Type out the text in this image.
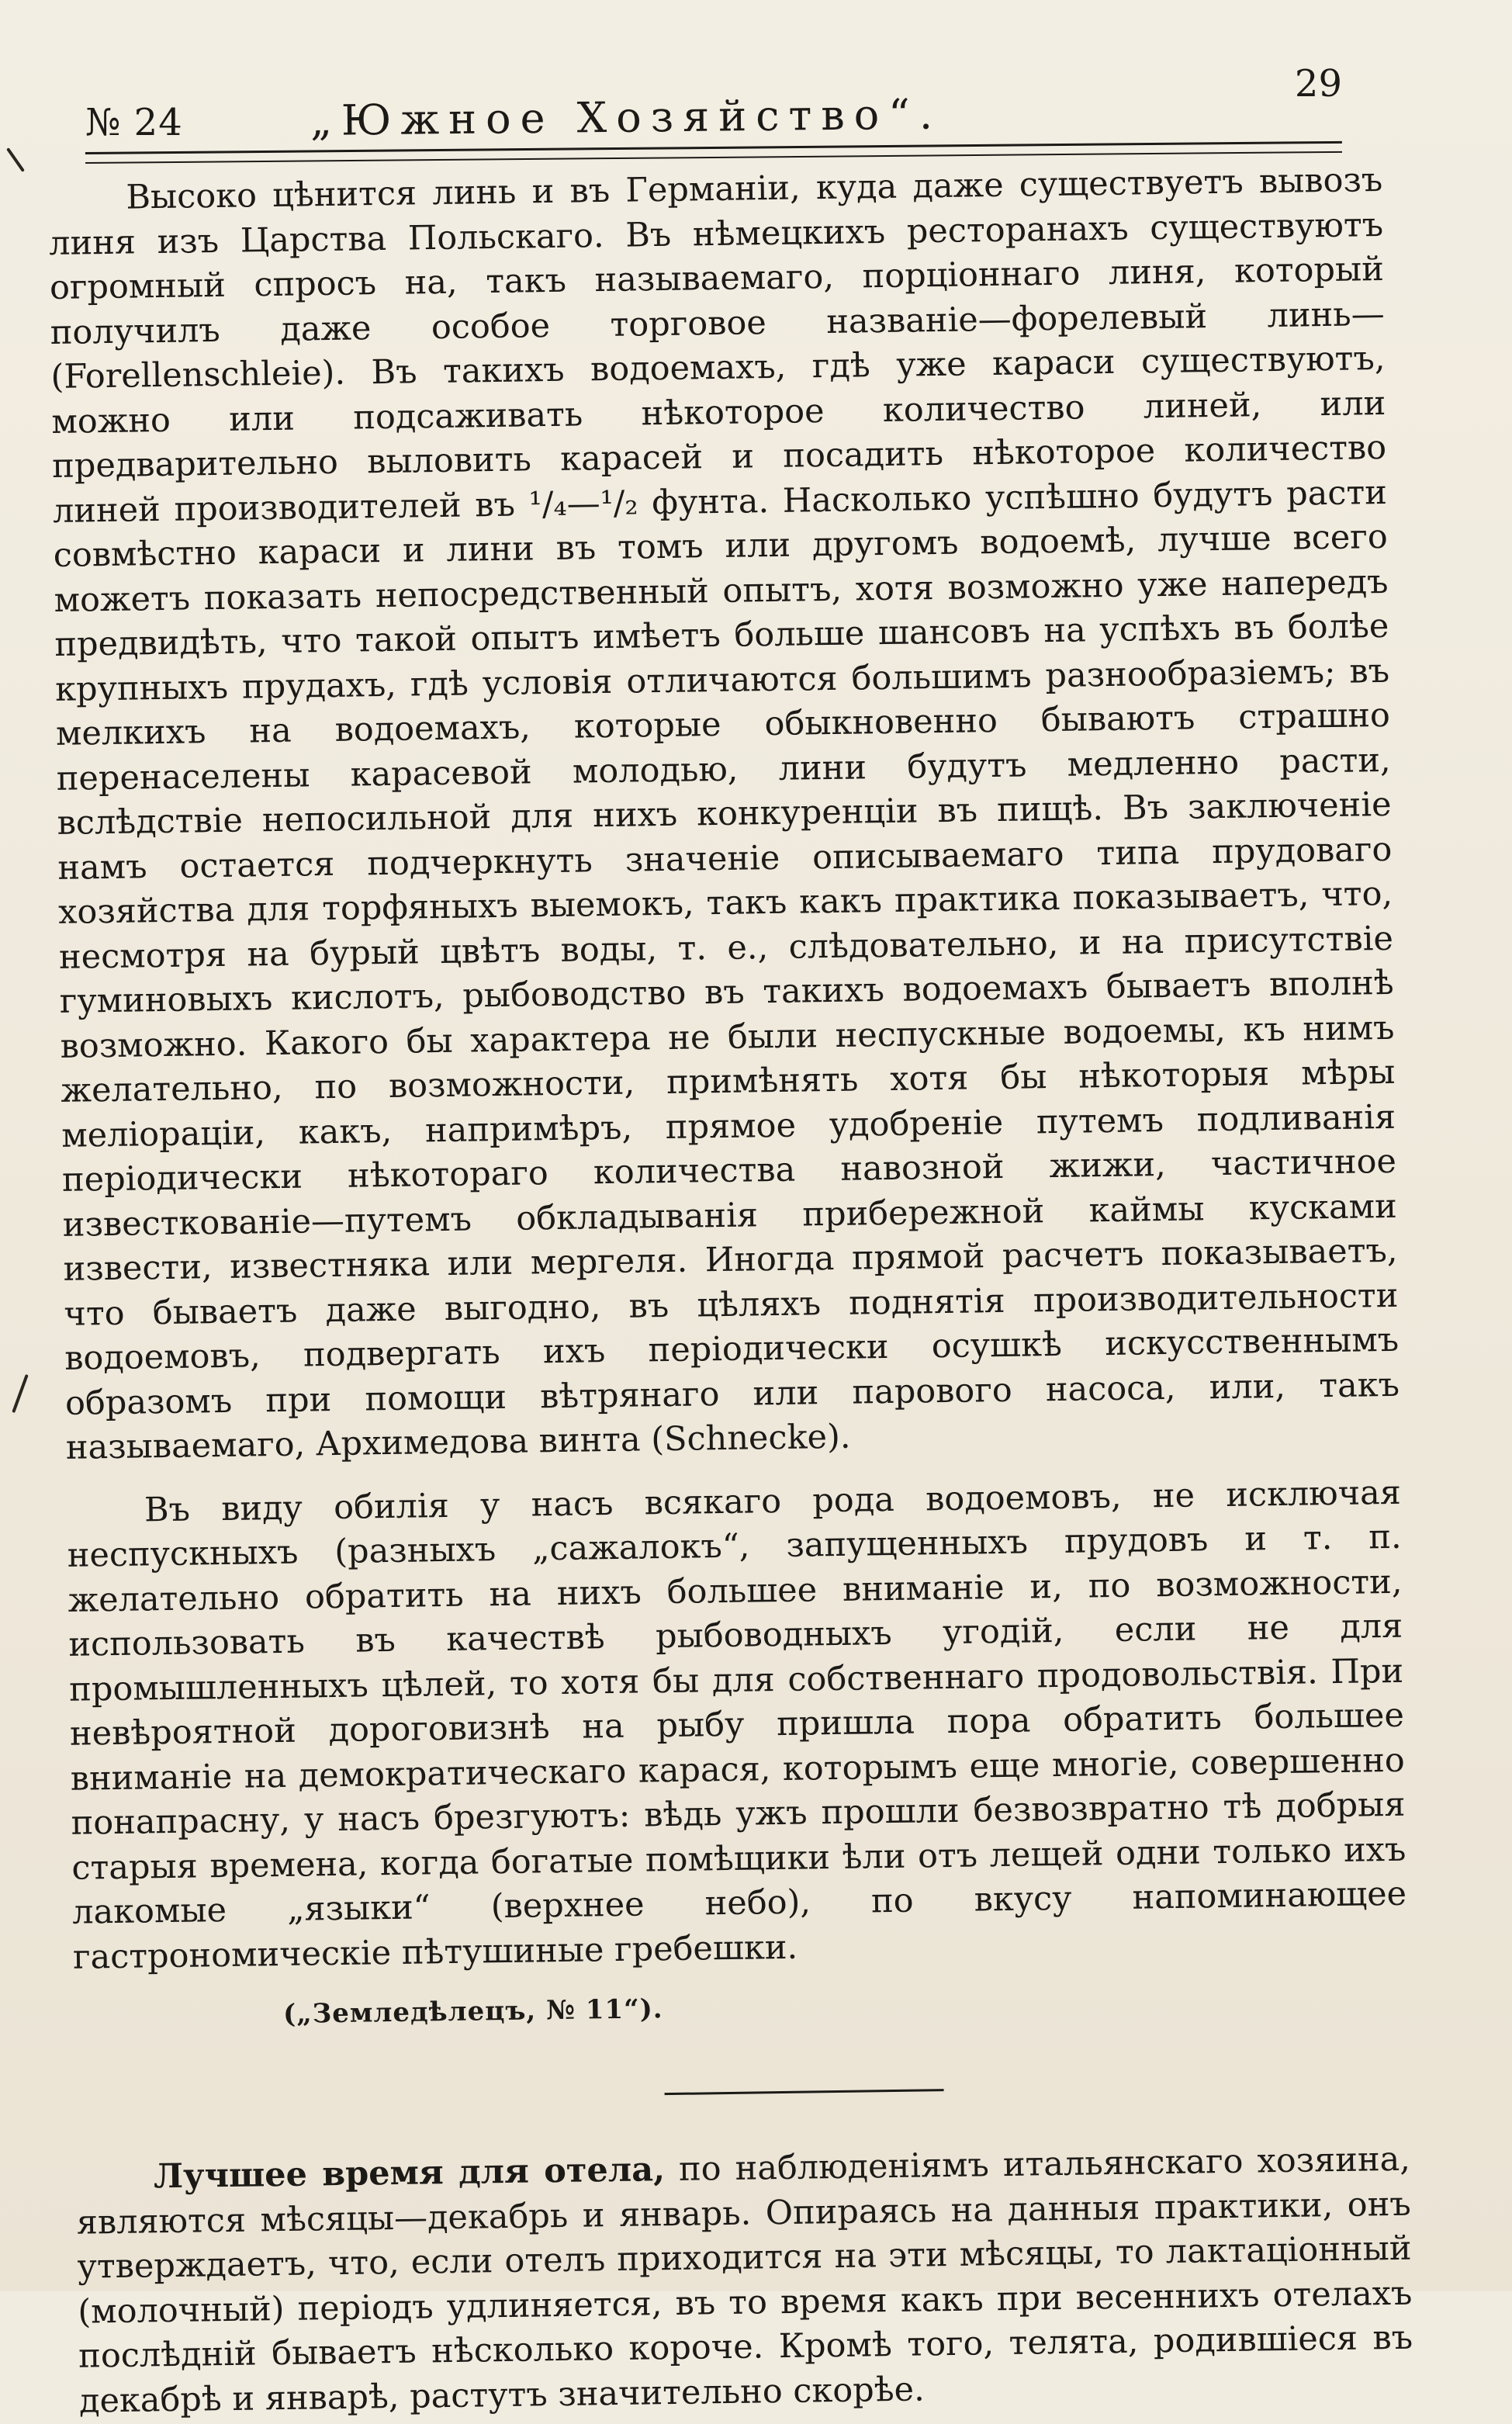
№ 24	„Южное Хозяйство“.
29

Высоко цѣнится линь и въ Германіи, куда даже существуетъ вывозъ линя изъ Царства Польскаго. Въ нѣмецкихъ ресторанахъ существуютъ огромный спросъ на, такъ называемаго, порціоннаго линя, который получилъ даже особое торговое названіе—форелевый линь—(Forellenschleie). Въ такихъ водоемахъ, гдѣ уже караси существуютъ, можно или подсаживать нѣкоторое количество линей, или предварительно выловить карасей и посадить нѣкоторое количество линей производителей въ ¹/₄—¹/₂ фунта. Насколько успѣшно будутъ расти совмѣстно караси и лини въ томъ или другомъ водоемѣ, лучше всего можетъ показать непосредственный опытъ, хотя возможно уже напередъ предвидѣть, что такой опытъ имѣетъ больше шансовъ на успѣхъ въ болѣе крупныхъ прудахъ, гдѣ условія отличаются большимъ разнообразіемъ; въ мелкихъ на водоемахъ, которые обыкновенно бываютъ страшно перенаселены карасевой молодью, лини будутъ медленно расти, вслѣдствіе непосильной для нихъ конкуренціи въ пищѣ. Въ заключеніе намъ остается подчеркнуть значеніе описываемаго типа прудоваго хозяйства для торфяныхъ выемокъ, такъ какъ практика показываетъ, что, несмотря на бурый цвѣтъ воды, т. е., слѣдовательно, и на присутствіе гуминовыхъ кислотъ, рыбоводство въ такихъ водоемахъ бываетъ вполнѣ возможно. Какого бы характера не были неспускные водоемы, къ нимъ желательно, по возможности, примѣнять хотя бы нѣкоторыя мѣры меліораціи, какъ, напримѣръ, прямое удобреніе путемъ подливанія періодически нѣкотораго количества навозной жижи, частичное известкованіе—путемъ обкладыванія прибережной каймы кусками извести, известняка или мергеля. Иногда прямой расчетъ показываетъ, что бываетъ даже выгодно, въ цѣляхъ поднятія производительности водоемовъ, подвергать ихъ періодически осушкѣ искусственнымъ образомъ при помощи вѣтрянаго или парового насоса, или, такъ называемаго, Архимедова винта (Schnecke).

Въ виду обилія у насъ всякаго рода водоемовъ, не исключая неспускныхъ (разныхъ „сажалокъ“, запущенныхъ прудовъ и т. п. желательно обратить на нихъ большее вниманіе и, по возможности, использовать въ качествѣ рыбоводныхъ угодій, если не для промышленныхъ цѣлей, то хотя бы для собственнаго продовольствія. При невѣроятной дороговизнѣ на рыбу пришла пора обратить большее вниманіе на демократическаго карася, которымъ еще многіе, совершенно понапрасну, у насъ брезгуютъ: вѣдь ужъ прошли безвозвратно тѣ добрыя старыя времена, когда богатые помѣщики ѣли отъ лещей одни только ихъ лакомые „языки“ (верхнее небо), по вкусу напоминающее гастрономическіе пѣтушиные гребешки.

(„Земледѣлецъ, № 11“).

Лучшее время для отела, по наблюденіямъ итальянскаго хозяина, являются мѣсяцы—декабрь и январь. Опираясь на данныя практики, онъ утверждаетъ, что, если отелъ приходится на эти мѣсяцы, то лактаціонный (молочный) періодъ удлиняется, въ то время какъ при весеннихъ отелахъ послѣдній бываетъ нѣсколько короче. Кромѣ того, телята, родившіеся въ декабрѣ и январѣ, растутъ значительно скорѣе.
